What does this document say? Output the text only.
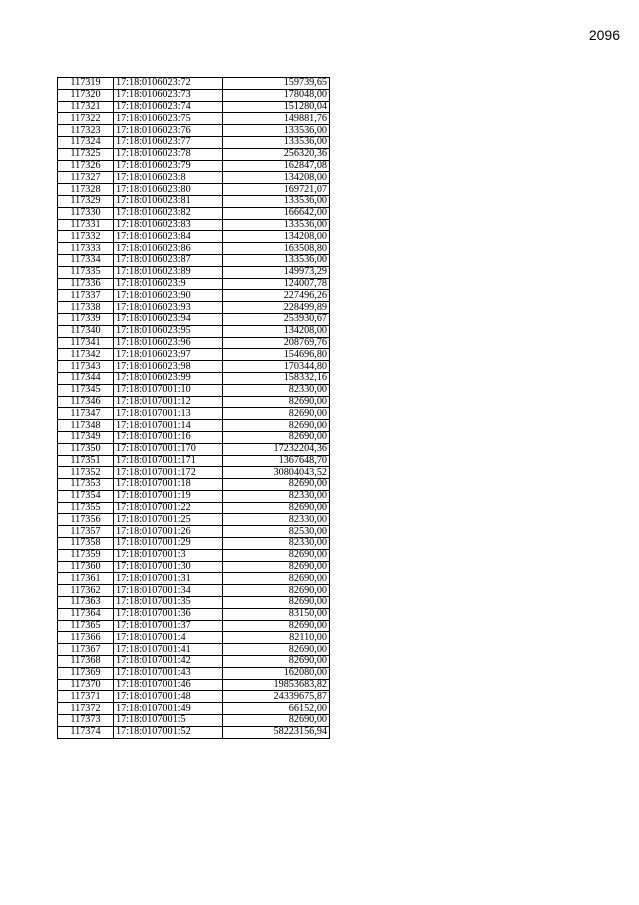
2096
117319	17:18:0106023:72	159739,65
117320	17:18:0106023:73	178048,00
117321	17:18:0106023:74	151280,04
117322	17:18:0106023:75	149881,76
117323	17:18:0106023:76	133536,00
117324	17:18:0106023:77	133536,00
117325	17:18:0106023:78	256320,36
117326	17:18:0106023:79	162847,08
117327	17:18:0106023:8	134208,00
117328	17:18:0106023:80	169721,07
117329	17:18:0106023:81	133536,00
117330	17:18:0106023:82	166642,00
117331	17:18:0106023:83	133536,00
117332	17:18:0106023:84	134208,00
117333	17:18:0106023:86	163508,80
117334	17:18:0106023:87	133536,00
117335	17:18:0106023:89	149973,29
117336	17:18:0106023:9	124007,78
117337	17:18:0106023:90	227496,26
117338	17:18:0106023:93	228499,89
117339	17:18:0106023:94	253930,67
117340	17:18:0106023:95	134208,00
117341	17:18:0106023:96	208769,76
117342	17:18:0106023:97	154696,80
117343	17:18:0106023:98	170344,80
117344	17:18:0106023:99	158332,16
117345	17:18:0107001:10	82330,00
117346	17:18:0107001:12	82690,00
117347	17:18:0107001:13	82690,00
117348	17:18:0107001:14	82690,00
117349	17:18:0107001:16	82690,00
117350	17:18:0107001:170	17232204,36
117351	17:18:0107001:171	1367648,70
117352	17:18:0107001:172	30804043,52
117353	17:18:0107001:18	82690,00
117354	17:18:0107001:19	82330,00
117355	17:18:0107001:22	82690,00
117356	17:18:0107001:25	82330,00
117357	17:18:0107001:26	82530,00
117358	17:18:0107001:29	82330,00
117359	17:18:0107001:3	82690,00
117360	17:18:0107001:30	82690,00
117361	17:18:0107001:31	82690,00
117362	17:18:0107001:34	82690,00
117363	17:18:0107001:35	82690,00
117364	17:18:0107001:36	83150,00
117365	17:18:0107001:37	82690,00
117366	17:18:0107001:4	82110,00
117367	17:18:0107001:41	82690,00
117368	17:18:0107001:42	82690,00
117369	17:18:0107001:43	162080,00
117370	17:18:0107001:46	19853683,82
117371	17:18:0107001:48	24339675,87
117372	17:18:0107001:49	66152,00
117373	17:18:0107001:5	82690,00
117374	17:18:0107001:52	58223156,94
